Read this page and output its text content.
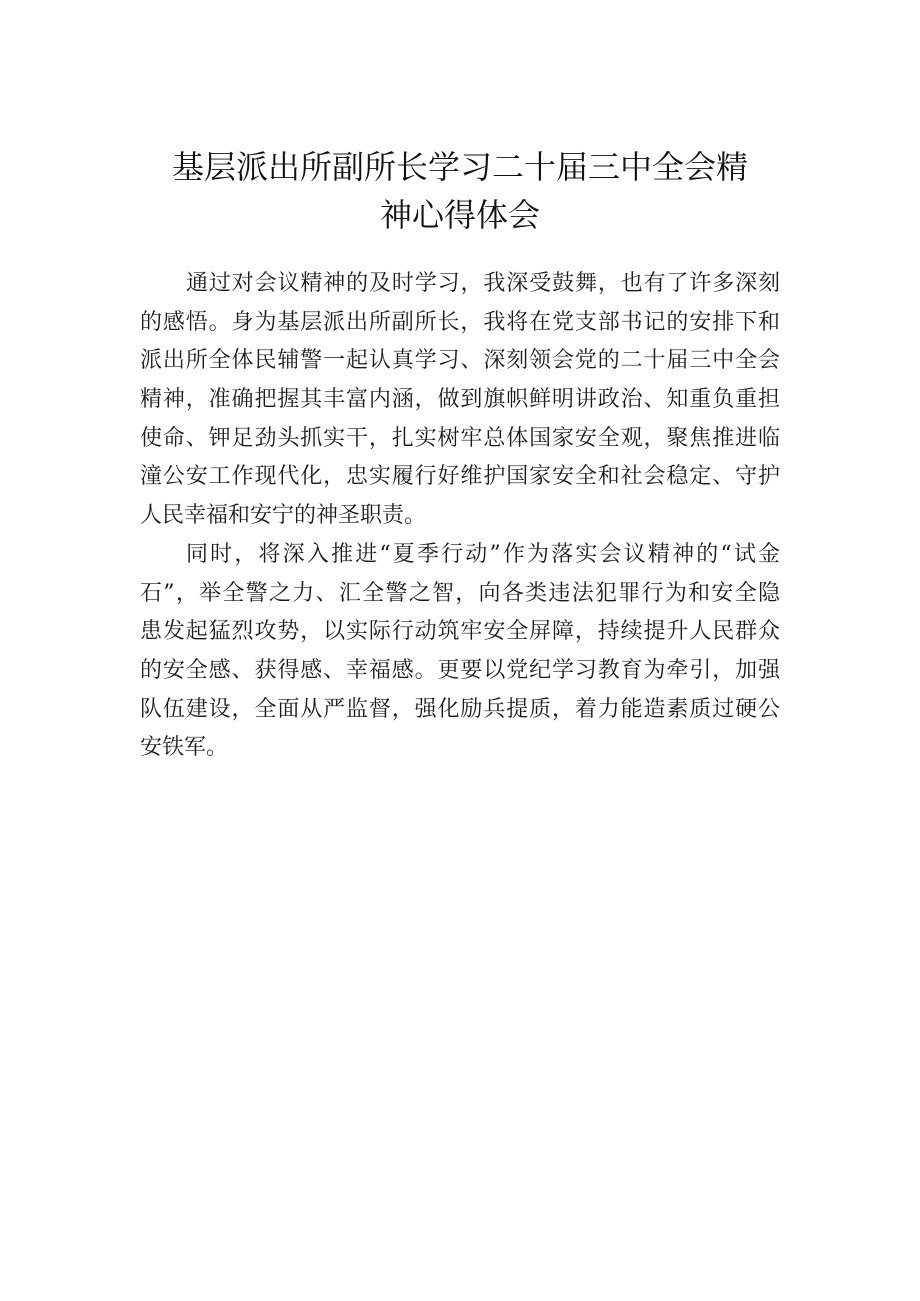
基层派出所副所长学习二十届三中全会精
神心得体会
通过对会议精神的及时学习，我深受鼓舞，也有了许多深刻
的感悟。身为基层派出所副所长，我将在党支部书记的安排下和
派出所全体民辅警一起认真学习、深刻领会党的二十届三中全会
精神，准确把握其丰富内涵，做到旗帜鲜明讲政治、知重负重担
使命、钾足劲头抓实干，扎实树牢总体国家安全观，聚焦推进临
潼公安工作现代化，忠实履行好维护国家安全和社会稳定、守护
人民幸福和安宁的神圣职责。
同时，将深入推进“夏季行动”作为落实会议精神的“试金
石”，举全警之力、汇全警之智，向各类违法犯罪行为和安全隐
患发起猛烈攻势，以实际行动筑牢安全屏障，持续提升人民群众
的安全感、获得感、幸福感。更要以党纪学习教育为牵引，加强
队伍建设，全面从严监督，强化励兵提质，着力能造素质过硬公
安铁军。
